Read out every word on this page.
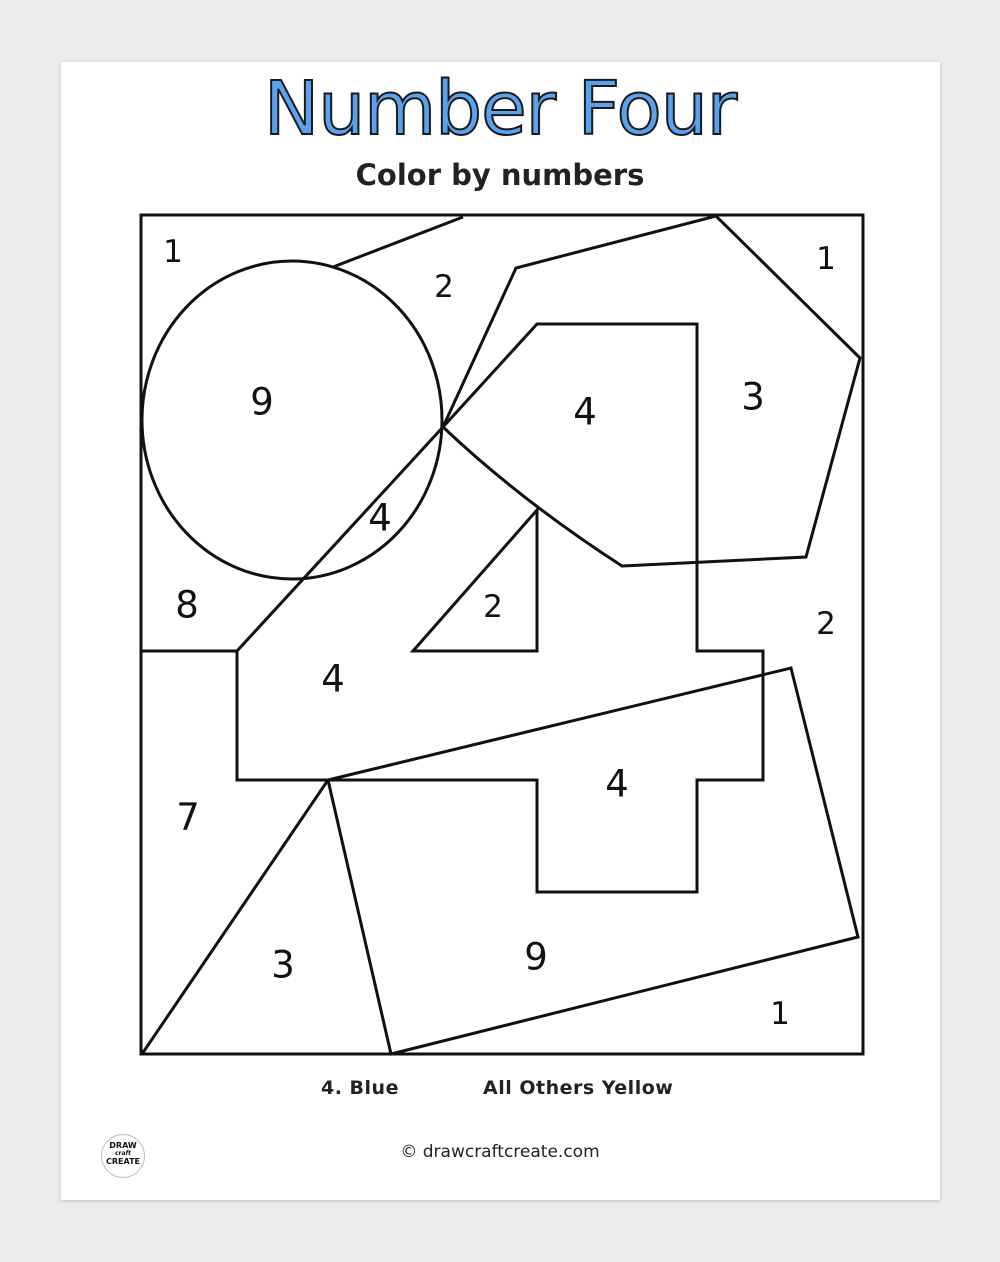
Number Four
Color by numbers
1
2
1
9	4	3
4
8	2	2
4
7
4
3	9
1
4. Blue	All Others Yellow
DRAW
craft
CREATE	© drawcraftcreate.com
